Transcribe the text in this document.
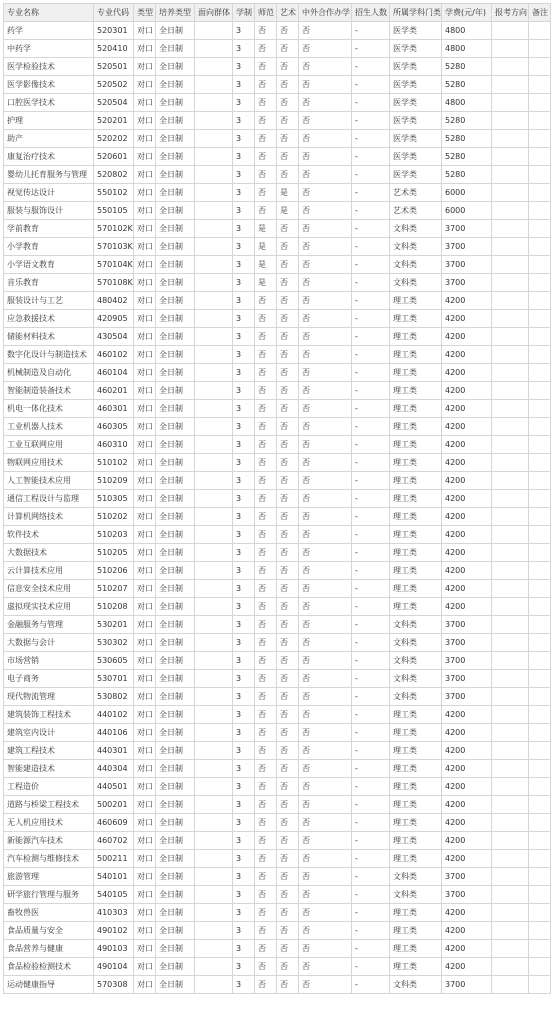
专业名称	专业代码	类型	培养类型	面向群体	学制	师范	艺术	中外合作办学	招生人数	所属学科门类	学费(元/年)	报考方向	备注
药学	520301	对口	全日制		3	否	否	否	-	医学类	4800		
中药学	520410	对口	全日制		3	否	否	否	-	医学类	4800		
医学检验技术	520501	对口	全日制		3	否	否	否	-	医学类	5280		
医学影像技术	520502	对口	全日制		3	否	否	否	-	医学类	5280		
口腔医学技术	520504	对口	全日制		3	否	否	否	-	医学类	4800		
护理	520201	对口	全日制		3	否	否	否	-	医学类	5280		
助产	520202	对口	全日制		3	否	否	否	-	医学类	5280		
康复治疗技术	520601	对口	全日制		3	否	否	否	-	医学类	5280		
婴幼儿托育服务与管理	520802	对口	全日制		3	否	否	否	-	医学类	5280		
视觉传达设计	550102	对口	全日制		3	否	是	否	-	艺术类	6000		
服装与服饰设计	550105	对口	全日制		3	否	是	否	-	艺术类	6000		
学前教育	570102K	对口	全日制		3	是	否	否	-	文科类	3700		
小学教育	570103K	对口	全日制		3	是	否	否	-	文科类	3700		
小学语文教育	570104K	对口	全日制		3	是	否	否	-	文科类	3700		
音乐教育	570108K	对口	全日制		3	是	否	否	-	文科类	3700		
服装设计与工艺	480402	对口	全日制		3	否	否	否	-	理工类	4200		
应急救援技术	420905	对口	全日制		3	否	否	否	-	理工类	4200		
储能材料技术	430504	对口	全日制		3	否	否	否	-	理工类	4200		
数字化设计与制造技术	460102	对口	全日制		3	否	否	否	-	理工类	4200		
机械制造及自动化	460104	对口	全日制		3	否	否	否	-	理工类	4200		
智能制造装备技术	460201	对口	全日制		3	否	否	否	-	理工类	4200		
机电一体化技术	460301	对口	全日制		3	否	否	否	-	理工类	4200		
工业机器人技术	460305	对口	全日制		3	否	否	否	-	理工类	4200		
工业互联网应用	460310	对口	全日制		3	否	否	否	-	理工类	4200		
物联网应用技术	510102	对口	全日制		3	否	否	否	-	理工类	4200		
人工智能技术应用	510209	对口	全日制		3	否	否	否	-	理工类	4200		
通信工程设计与监理	510305	对口	全日制		3	否	否	否	-	理工类	4200		
计算机网络技术	510202	对口	全日制		3	否	否	否	-	理工类	4200		
软件技术	510203	对口	全日制		3	否	否	否	-	理工类	4200		
大数据技术	510205	对口	全日制		3	否	否	否	-	理工类	4200		
云计算技术应用	510206	对口	全日制		3	否	否	否	-	理工类	4200		
信息安全技术应用	510207	对口	全日制		3	否	否	否	-	理工类	4200		
虚拟现实技术应用	510208	对口	全日制		3	否	否	否	-	理工类	4200		
金融服务与管理	530201	对口	全日制		3	否	否	否	-	文科类	3700		
大数据与会计	530302	对口	全日制		3	否	否	否	-	文科类	3700		
市场营销	530605	对口	全日制		3	否	否	否	-	文科类	3700		
电子商务	530701	对口	全日制		3	否	否	否	-	文科类	3700		
现代物流管理	530802	对口	全日制		3	否	否	否	-	文科类	3700		
建筑装饰工程技术	440102	对口	全日制		3	否	否	否	-	理工类	4200		
建筑室内设计	440106	对口	全日制		3	否	否	否	-	理工类	4200		
建筑工程技术	440301	对口	全日制		3	否	否	否	-	理工类	4200		
智能建造技术	440304	对口	全日制		3	否	否	否	-	理工类	4200		
工程造价	440501	对口	全日制		3	否	否	否	-	理工类	4200		
道路与桥梁工程技术	500201	对口	全日制		3	否	否	否	-	理工类	4200		
无人机应用技术	460609	对口	全日制		3	否	否	否	-	理工类	4200		
新能源汽车技术	460702	对口	全日制		3	否	否	否	-	理工类	4200		
汽车检测与维修技术	500211	对口	全日制		3	否	否	否	-	理工类	4200		
旅游管理	540101	对口	全日制		3	否	否	否	-	文科类	3700		
研学旅行管理与服务	540105	对口	全日制		3	否	否	否	-	文科类	3700		
畜牧兽医	410303	对口	全日制		3	否	否	否	-	理工类	4200		
食品质量与安全	490102	对口	全日制		3	否	否	否	-	理工类	4200		
食品营养与健康	490103	对口	全日制		3	否	否	否	-	理工类	4200		
食品检验检测技术	490104	对口	全日制		3	否	否	否	-	理工类	4200		
运动健康指导	570308	对口	全日制		3	否	否	否	-	文科类	3700		
